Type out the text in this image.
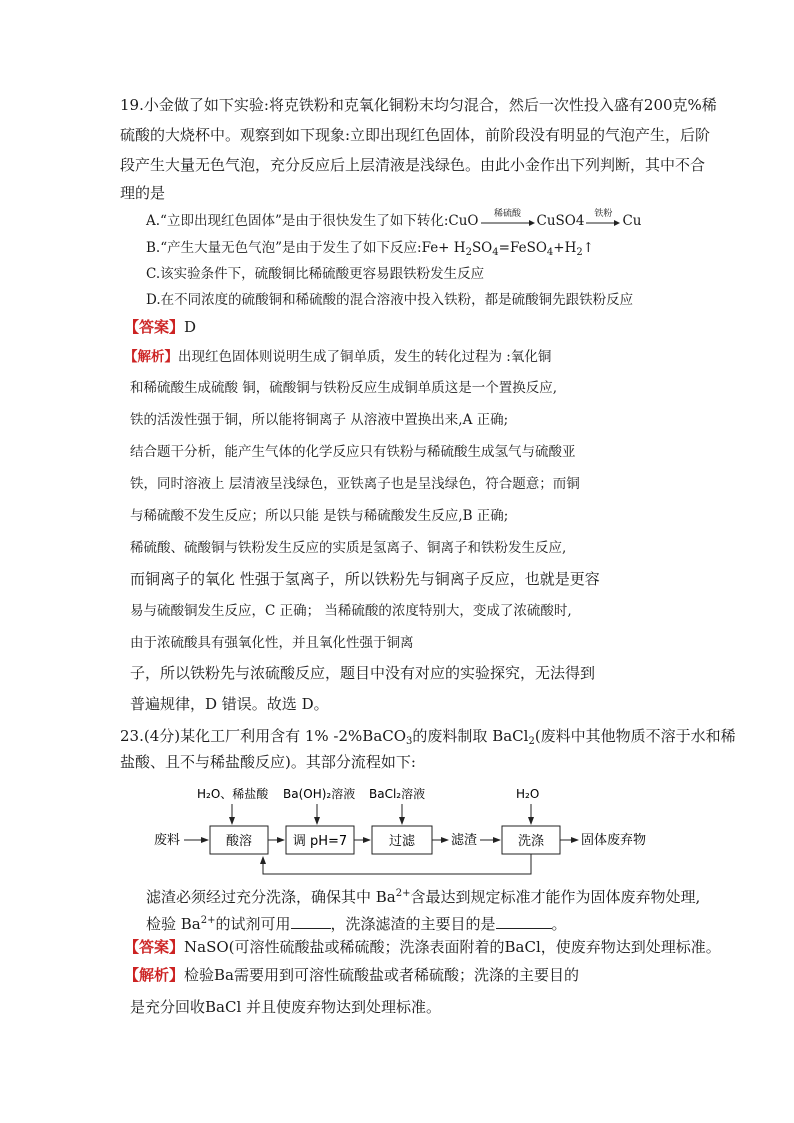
19.小金做了如下实验:将克铁粉和克氧化铜粉末均匀混合，然后一次性投入盛有200克%稀
硫酸的大烧杯中。观察到如下现象:立即出现红色固体，前阶段没有明显的气泡产生，后阶
段产生大量无色气泡，充分反应后上层清液是浅绿色。由此小金作出下列判断，其中不合
理的是
A.“立即出现红色固体”是由于很快发生了如下转化:CuO	稀硫酸	CuSO4	铁粉 Cu
B.“产生大量无色气泡”是由于发生了如下反应:Fe+ $H_2SO_4=FeSO_4+H_2↑$
C.该实验条件下，硫酸铜比稀硫酸更容易跟铁粉发生反应
D.在不同浓度的硫酸铜和稀硫酸的混合溶液中投入铁粉，都是硫酸铜先跟铁粉反应
【答案】D
【解析】出现红色固体则说明生成了铜单质，发生的转化过程为 :氧化铜
和稀硫酸生成硫酸 铜，硫酸铜与铁粉反应生成铜单质这是一个置换反应,
铁的活泼性强于铜，所以能将铜离子 从溶液中置换出来,A 正确;
结合题干分析，能产生气体的化学反应只有铁粉与稀硫酸生成氢气与硫酸亚
铁，同时溶液上 层清液呈浅绿色，亚铁离子也是呈浅绿色，符合题意；而铜
与稀硫酸不发生反应；所以只能 是铁与稀硫酸发生反应,B 正确;
稀硫酸、硫酸铜与铁粉发生反应的实质是氢离子、铜离子和铁粉发生反应,
而铜离子的氧化 性强于氢离子，所以铁粉先与铜离子反应，也就是更容
易与硫酸铜发生反应，C 正确； 当稀硫酸的浓度特别大，变成了浓硫酸时,
由于浓硫酸具有强氧化性，并且氧化性强于铜离
子，所以铁粉先与浓硫酸反应，题目中没有对应的实验探究，无法得到
普遍规律，D 错误。故选 D。
23.(4分)某化工厂利用含有 1% -2%BaCO$_3$的废料制取 BaCl$_2$(废料中其他物质不溶于水和稀
盐酸、且不与稀盐酸反应)。其部分流程如下:
H₂O、稀盐酸 Ba(OH)₂溶液 BaCl₂溶液	H₂O
废料	酸溶	调 pH=7	过滤	滤渣	洗涤	固体废弃物
滤渣必须经过充分洗涤，确保其中 $Ba^{2+}$含最达到规定标准才能作为固体废弃物处理,
检验 $Ba^{2+}$的试剂可用	，洗涤滤渣的主要目的是	。
【答案】NaSO(可溶性硫酸盐或稀硫酸；洗涤表面附着的BaCl，使废弃物达到处理标准。
【解析】检验Ba需要用到可溶性硫酸盐或者稀硫酸；洗涤的主要目的
是充分回收BaCl 并且使废弃物达到处理标准。
